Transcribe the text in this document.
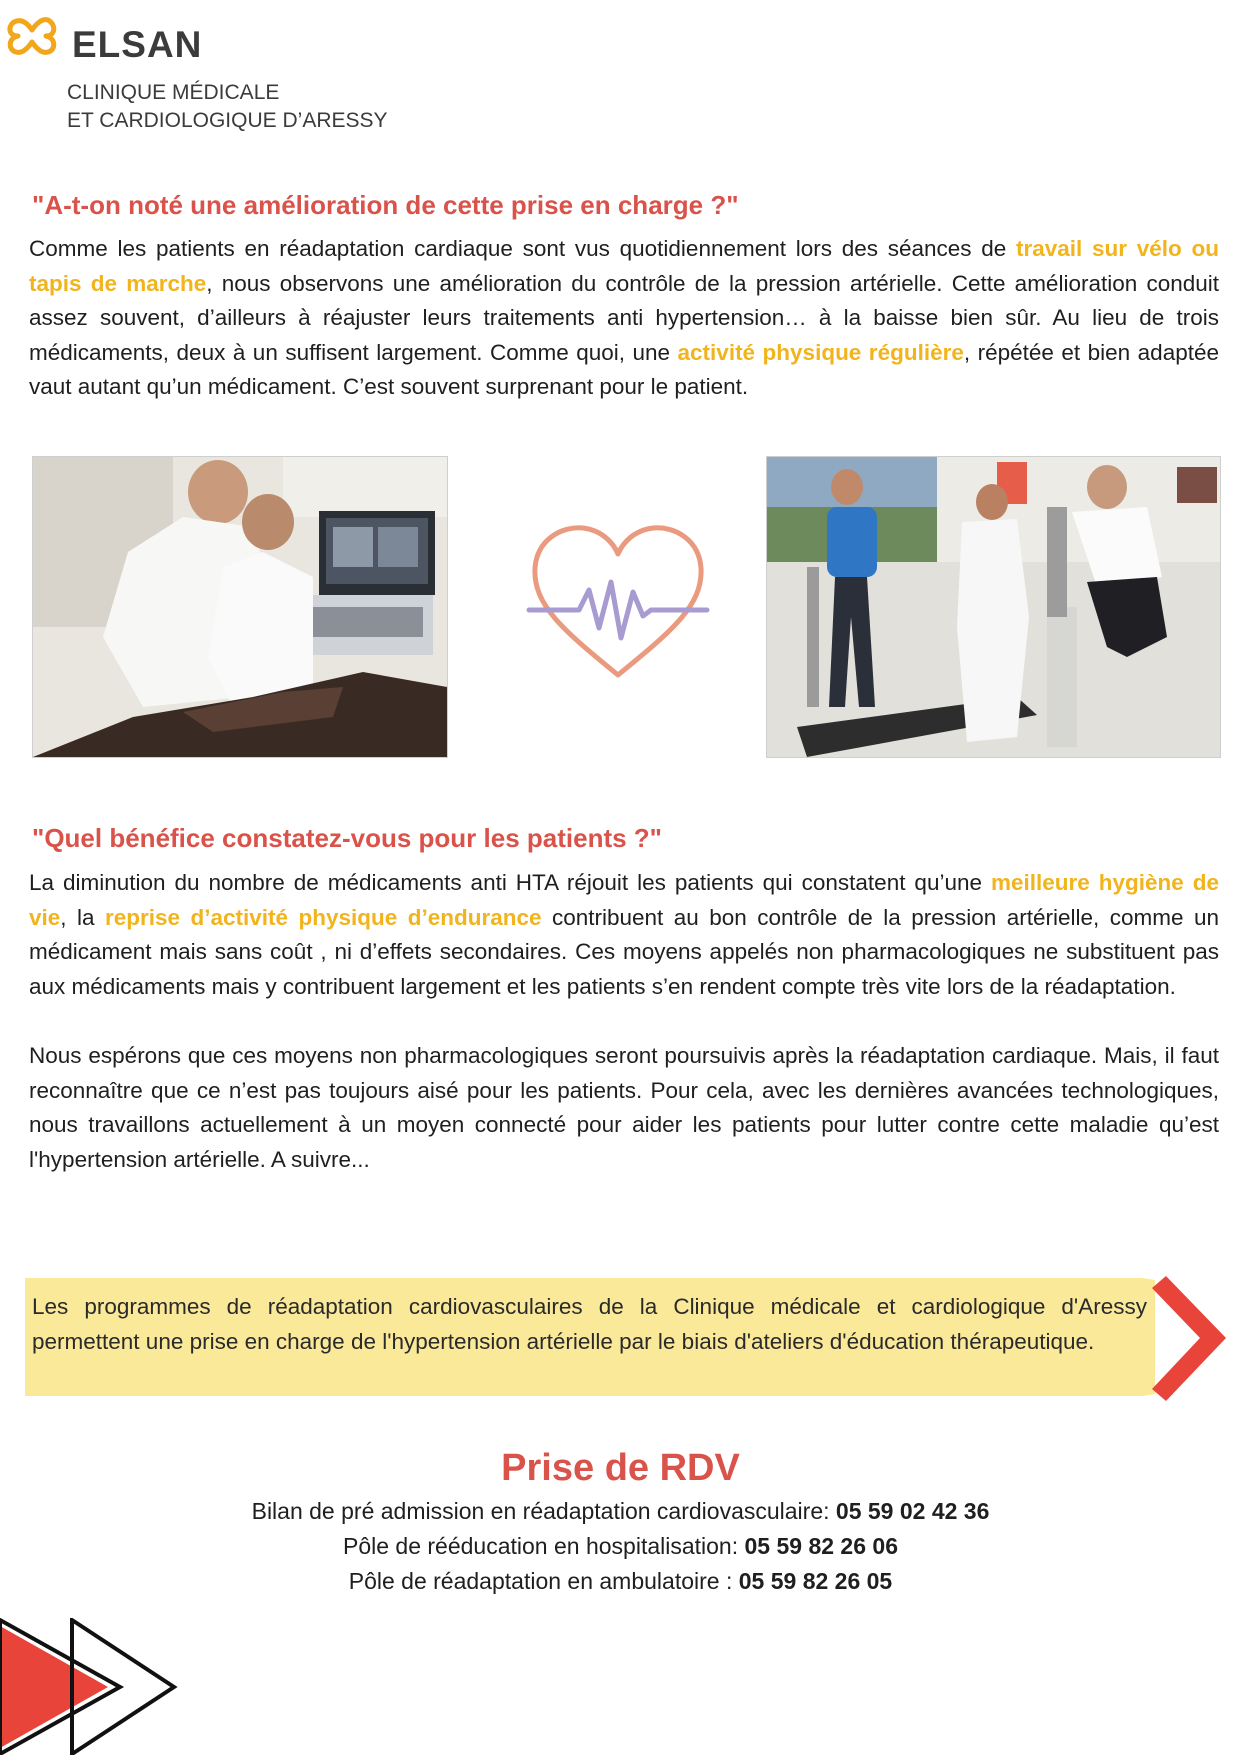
ELSAN
CLINIQUE MÉDICALE
ET CARDIOLOGIQUE D’ARESSY
"A-t-on noté une amélioration de cette prise en charge ?"

Comme les patients en réadaptation cardiaque sont vus quotidiennement lors des séances de travail sur vélo ou tapis de marche, nous observons une amélioration du contrôle de la pression artérielle. Cette amélioration conduit assez souvent, d’ailleurs à réajuster leurs traitements anti hypertension… à la baisse bien sûr. Au lieu de trois médicaments, deux à un suffisent largement. Comme quoi, une activité physique régulière, répétée et bien adaptée vaut autant qu’un médicament. C’est souvent surprenant pour le patient.

"Quel bénéfice constatez-vous pour les patients ?"

La diminution du nombre de médicaments anti HTA réjouit les patients qui constatent qu’une meilleure hygiène de vie, la reprise d’activité physique d’endurance contribuent au bon contrôle de la pression artérielle, comme un médicament mais sans coût , ni d’effets secondaires. Ces moyens appelés non pharmacologiques ne substituent pas aux médicaments mais y contribuent largement et les patients s’en rendent compte très vite lors de la réadaptation.

Nous espérons que ces moyens non pharmacologiques seront poursuivis après la réadaptation cardiaque. Mais, il faut reconnaître que ce n’est pas toujours aisé pour les patients. Pour cela, avec les dernières avancées technologiques, nous travaillons actuellement à un moyen connecté pour aider les patients pour lutter contre cette maladie qu’est l'hypertension artérielle. A suivre...

Les programmes de réadaptation cardiovasculaires de la Clinique médicale et cardiologique d'Aressy permettent une prise en charge de l'hypertension artérielle par le biais d'ateliers d'éducation thérapeutique.

Prise de RDV
Bilan de pré admission en réadaptation cardiovasculaire: 05 59 02 42 36
Pôle de rééducation en hospitalisation: 05 59 82 26 06
Pôle de réadaptation en ambulatoire : 05 59 82 26 05
